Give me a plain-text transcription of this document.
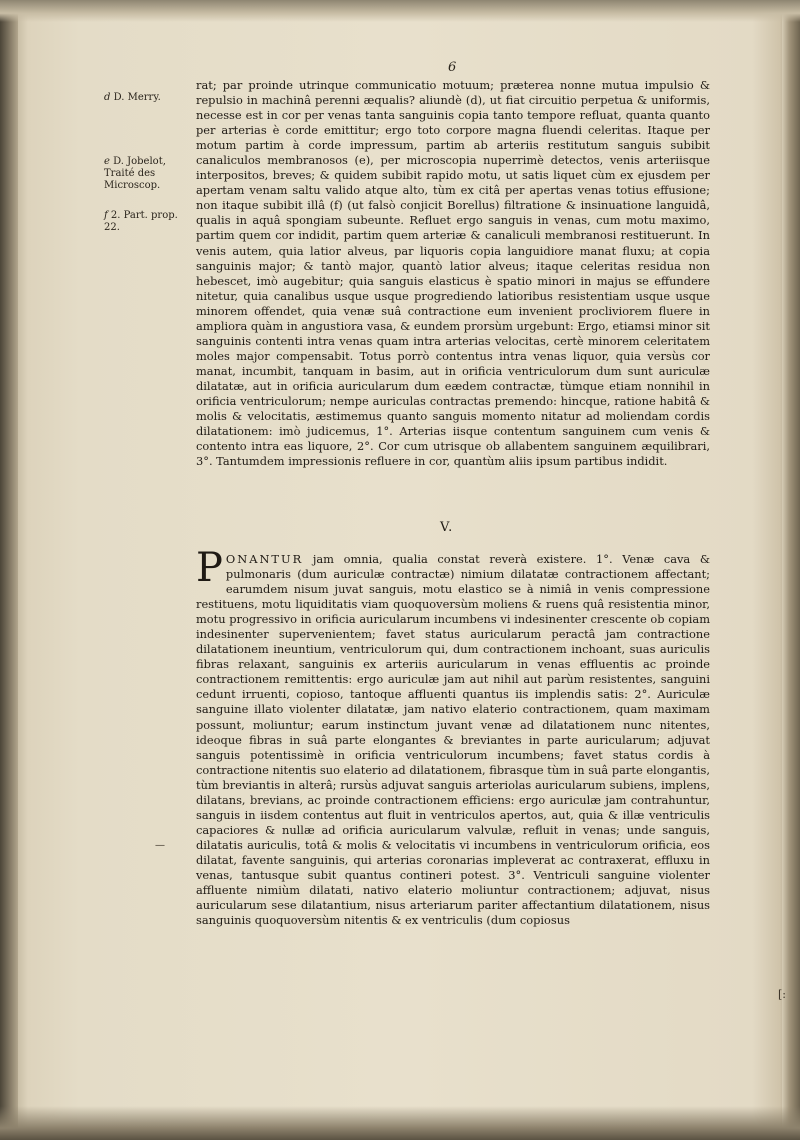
6

d D. Merry.

e D. Jobelot, Traité des Microscop.

f 2. Part. prop. 22.

rat; par proinde utrinque communicatio motuum; præterea nonne mutua impulsio & repulsio in machinâ perenni æqualis? aliundè (d), ut fiat circuitio perpetua & uniformis, necesse est in cor per venas tanta sanguinis copia tanto tempore refluat, quanta quanto per arterias è corde emittitur; ergo toto corpore magna fluendi celeritas. Itaque per motum partim à corde impressum, partim ab arteriis restitutum sanguis subibit canaliculos membranosos (e), per microscopia nuperrimè detectos, venis arteriisque interpositos, breves; & quidem subibit rapido motu, ut satis liquet cùm ex ejusdem per apertam venam saltu valido atque alto, tùm ex citâ per apertas venas totius effusione; non itaque subibit illâ (f) (ut falsò conjicit Borellus) filtratione & insinuatione languidâ, qualis in aquâ spongiam subeunte. Refluet ergo sanguis in venas, cum motu maximo, partim quem cor indidit, partim quem arteriæ & canaliculi membranosi restituerunt. In venis autem, quia latior alveus, par liquoris copia languidiore manat fluxu; at copia sanguinis major; & tantò major, quantò latior alveus; itaque celeritas residua non hebescet, imò augebitur; quia sanguis elasticus è spatio minori in majus se effundere nitetur, quia canalibus usque usque progrediendo latioribus resistentiam usque usque minorem offendet, quia venæ suâ contractione eum invenient procliviorem fluere in ampliora quàm in angustiora vasa, & eundem prorsùm urgebunt: Ergo, etiamsi minor sit sanguinis contenti intra venas quam intra arterias velocitas, certè minorem celeritatem moles major compensabit. Totus porrò contentus intra venas liquor, quia versùs cor manat, incumbit, tanquam in basim, aut in orificia ventriculorum dum sunt auriculæ dilatatæ, aut in orificia auricularum dum eædem contractæ, tùmque etiam nonnihil in orificia ventriculorum; nempe auriculas contractas premendo: hincque, ratione habitâ & molis & velocitatis, æstimemus quanto sanguis momento nitatur ad moliendam cordis dilatationem: imò judicemus, 1°. Arterias iisque contentum sanguinem cum venis & contento intra eas liquore, 2°. Cor cum utrisque ob allabentem sanguinem æquilibrari, 3°. Tantumdem impressionis refluere in cor, quantùm aliis ipsum partibus indidit.

V.

PONANTUR jam omnia, qualia constat reverà existere. 1°. Venæ cava & pulmonaris (dum auriculæ contractæ) nimium dilatatæ contractionem affectant; earumdem nisum juvat sanguis, motu elastico se à nimiâ in venis compressione restituens, motu liquiditatis viam quoquoversùm moliens & ruens quâ resistentia minor, motu progressivo in orificia auricularum incumbens vi indesinenter crescente ob copiam indesinenter supervenientem; favet status auricularum peractâ jam contractione dilatationem ineuntium, ventriculorum qui, dum contractionem inchoant, suas auriculis fibras relaxant, sanguinis ex arteriis auricularum in venas effluentis ac proinde contractionem remittentis: ergo auriculæ jam aut nihil aut parùm resistentes, sanguini cedunt irruenti, copioso, tantoque affluenti quantus iis implendis satis: 2°. Auriculæ sanguine illato violenter dilatatæ, jam nativo elaterio contractionem, quam maximam possunt, moliuntur; earum instinctum juvant venæ ad dilatationem nunc nitentes, ideoque fibras in suâ parte elongantes & breviantes in parte auricularum; adjuvat sanguis potentissimè in orificia ventriculorum incumbens; favet status cordis à contractione nitentis suo elaterio ad dilatationem, fibrasque tùm in suâ parte elongantis, tùm breviantis in alterâ; rursùs adjuvat sanguis arteriolas auricularum subiens, implens, dilatans, brevians, ac proinde contractionem efficiens: ergo auriculæ jam contrahuntur, sanguis in iisdem contentus aut fluit in ventriculos apertos, aut, quia & illæ ventriculis capaciores & nullæ ad orificia auricularum valvulæ, refluit in venas; unde sanguis, dilatatis auriculis, totâ & molis & velocitatis vi incumbens in ventriculorum orificia, eos dilatat, favente sanguinis, qui arterias coronarias impleverat ac contraxerat, effluxu in venas, tantusque subit quantus contineri potest. 3°. Ventriculi sanguine violenter affluente nimiùm dilatati, nativo elaterio moliuntur contractionem; adjuvat, nisus auricularum sese dilatantium, nisus arteriarum pariter affectantium dilatationem, nisus sanguinis quoquoversùm nitentis & ex ventriculis (dum copiosus

—
[:
